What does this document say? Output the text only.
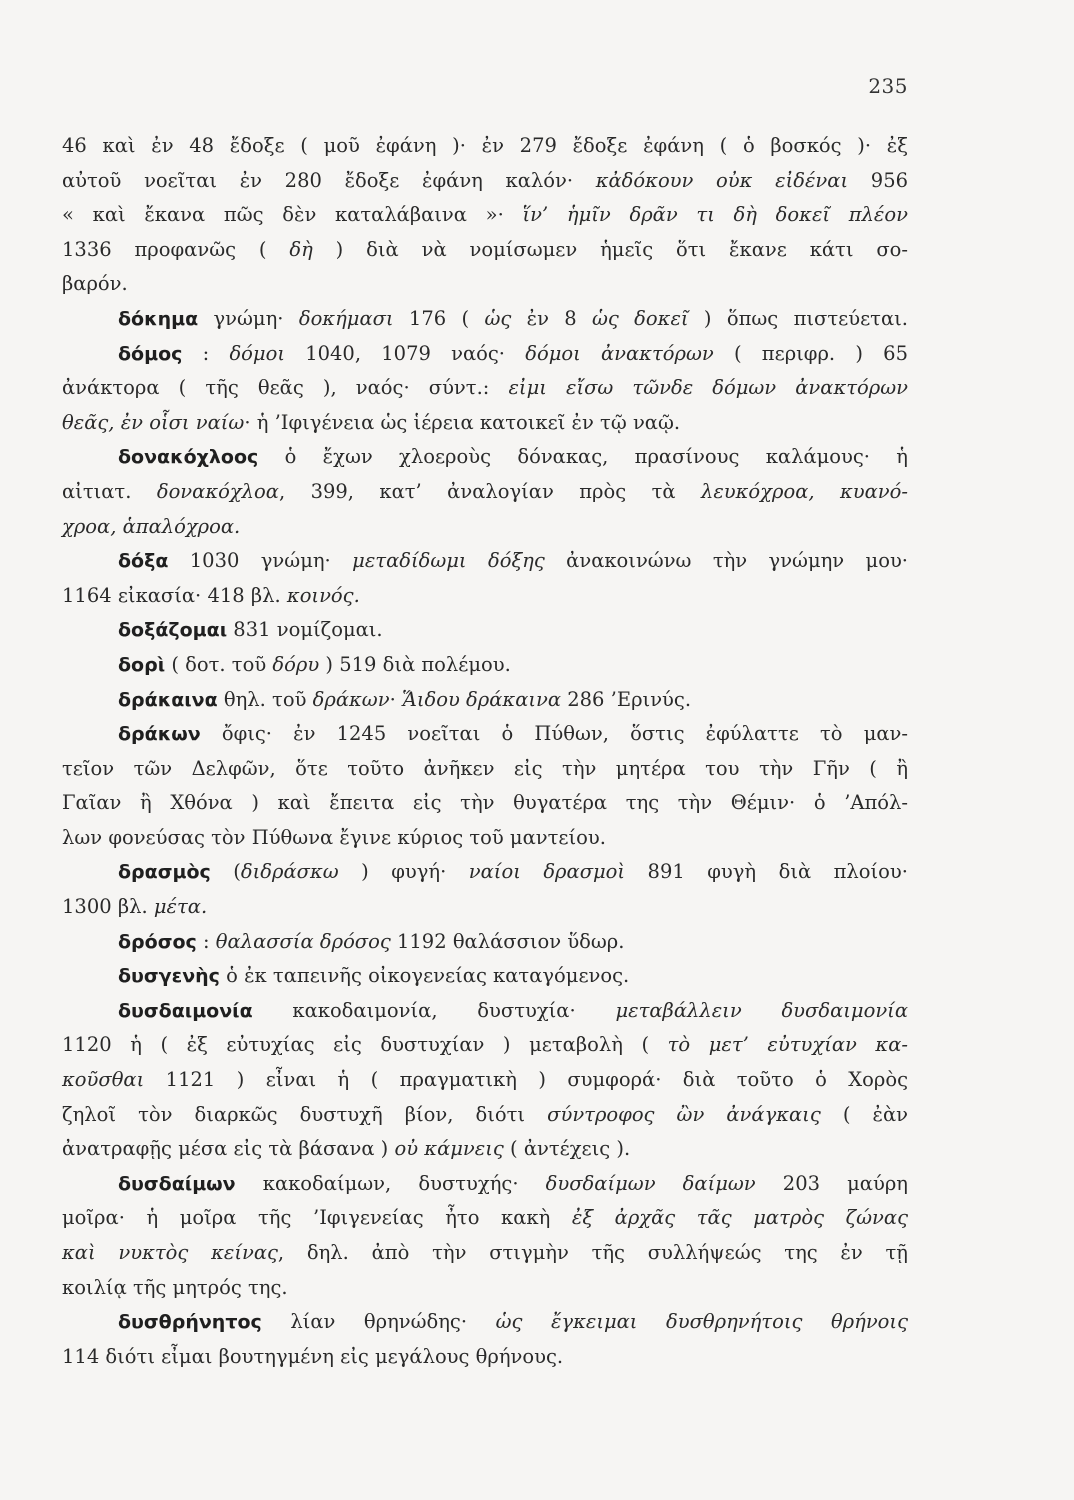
235
46 καὶ ἐν 48 ἔδοξε ( μοῦ ἐφάνη )· ἐν 279 ἔδοξε ἐφάνη ( ὁ βοσκός )· ἐξ
αὐτοῦ νοεῖται ἐν 280 ἔδοξε ἐφάνη καλόν· κἀδόκουν οὐκ εἰδέναι 956
« καὶ ἔκανα πῶς δὲν καταλάβαινα »· ἵν’ ἡμῖν δρᾶν τι δὴ δοκεῖ πλέον
1336 προφανῶς ( δὴ ) διὰ νὰ νομίσωμεν ἡμεῖς ὅτι ἔκανε κάτι σο-
βαρόν.
δόκημα γνώμη· δοκήμασι 176 ( ὡς ἐν 8 ὡς δοκεῖ ) ὅπως πιστεύεται.
δόμος : δόμοι 1040, 1079 ναός· δόμοι ἀνακτόρων ( περιφρ. ) 65
ἀνάκτορα ( τῆς θεᾶς ), ναός· σύντ.: εἰμι εἴσω τῶνδε δόμων ἀνακτόρων
θεᾶς, ἐν οἷσι ναίω· ἡ ’Ιφιγένεια ὡς ἱέρεια κατοικεῖ ἐν τῷ ναῷ.
δονακόχλοος ὁ ἔχων χλοεροὺς δόνακας, πρασίνους καλάμους· ἡ
αἰτιατ. δονακόχλοα, 399, κατ’ ἀναλογίαν πρὸς τὰ λευκόχροα, κυανό-
χροα, ἁπαλόχροα.
δόξα 1030 γνώμη· μεταδίδωμι δόξης ἀνακοινώνω τὴν γνώμην μου·
1164 εἰκασία· 418 βλ. κοινός.
δοξάζομαι 831 νομίζομαι.
δορὶ ( δοτ. τοῦ δόρυ ) 519 διὰ πολέμου.
δράκαινα θηλ. τοῦ δράκων· Ἅιδου δράκαινα 286 ’Ερινύς.
δράκων ὄφις· ἐν 1245 νοεῖται ὁ Πύθων, ὅστις ἐφύλαττε τὸ μαν-
τεῖον τῶν Δελφῶν, ὅτε τοῦτο ἀνῆκεν εἰς τὴν μητέρα του τὴν Γῆν ( ἢ
Γαῖαν ἢ Χθόνα ) καὶ ἔπειτα εἰς τὴν θυγατέρα της τὴν Θέμιν· ὁ ’Απόλ-
λων φονεύσας τὸν Πύθωνα ἔγινε κύριος τοῦ μαντείου.
δρασμὸς (διδράσκω ) φυγή· ναίοι δρασμοὶ 891 φυγὴ διὰ πλοίου·
1300 βλ. μέτα.
δρόσος : θαλασσία δρόσος 1192 θαλάσσιον ὕδωρ.
δυσγενὴς ὁ ἐκ ταπεινῆς οἰκογενείας καταγόμενος.
δυσδαιμονία κακοδαιμονία, δυστυχία· μεταβάλλειν δυσδαιμονία
1120 ἡ ( ἐξ εὐτυχίας εἰς δυστυχίαν ) μεταβολὴ ( τὸ μετ’ εὐτυχίαν κα-
κοῦσθαι 1121 ) εἶναι ἡ ( πραγματικὴ ) συμφορά· διὰ τοῦτο ὁ Χορὸς
ζηλοῖ τὸν διαρκῶς δυστυχῆ βίον, διότι σύντροφος ὢν ἀνάγκαις ( ἐὰν
ἀνατραφῇς μέσα εἰς τὰ βάσανα ) οὐ κάμνεις ( ἀντέχεις ).
δυσδαίμων κακοδαίμων, δυστυχής· δυσδαίμων δαίμων 203 μαύρη
μοῖρα· ἡ μοῖρα τῆς ’Ιφιγενείας ἦτο κακὴ ἐξ ἀρχᾶς τᾶς ματρὸς ζώνας
καὶ νυκτὸς κείνας, δηλ. ἀπὸ τὴν στιγμὴν τῆς συλλήψεώς της ἐν τῇ
κοιλίᾳ τῆς μητρός της.
δυσθρήνητος λίαν θρηνώδης· ὡς ἔγκειμαι δυσθρηνήτοις θρήνοις
114 διότι εἶμαι βουτηγμένη εἰς μεγάλους θρήνους.
